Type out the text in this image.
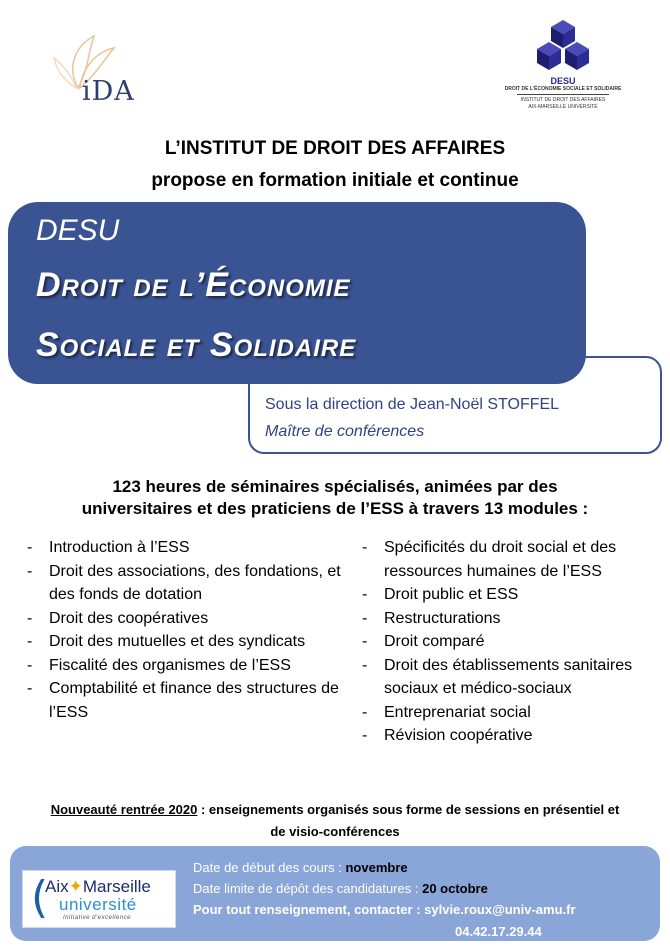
iDA	DESU
DROIT DE L'ÉCONOMIE SOCIALE ET SOLIDAIRE
INSTITUT DE DROIT DES AFFAIRES
AIX-MARSEILLE UNIVERSITÉ
L’INSTITUT DE DROIT DES AFFAIRES
propose en formation initiale et continue
DESU
Droit de l’Économie
Sociale et Solidaire
Sous la direction de Jean-Noël STOFFEL
Maître de conférences
123 heures de séminaires spécialisés, animées par des
universitaires et des praticiens de l’ESS à travers 13 modules :
- Introduction à l’ESS
- Droit des associations, des fondations, et des fonds de dotation
- Droit des coopératives
- Droit des mutuelles et des syndicats
- Fiscalité des organismes de l’ESS
- Comptabilité et finance des structures de l’ESS
- Spécificités du droit social et des ressources humaines de l’ESS
- Droit public et ESS
- Restructurations
- Droit comparé
- Droit des établissements sanitaires sociaux et médico-sociaux
- Entreprenariat social
- Révision coopérative
Nouveauté rentrée 2020 : enseignements organisés sous forme de sessions en présentiel et
de visio-conférences
(
Aix✦Marseille
université
Initiative d'excellence
Date de début des cours : novembre
Date limite de dépôt des candidatures : 20 octobre
Pour tout renseignement, contacter : sylvie.roux@univ-amu.fr
04.42.17.29.44
